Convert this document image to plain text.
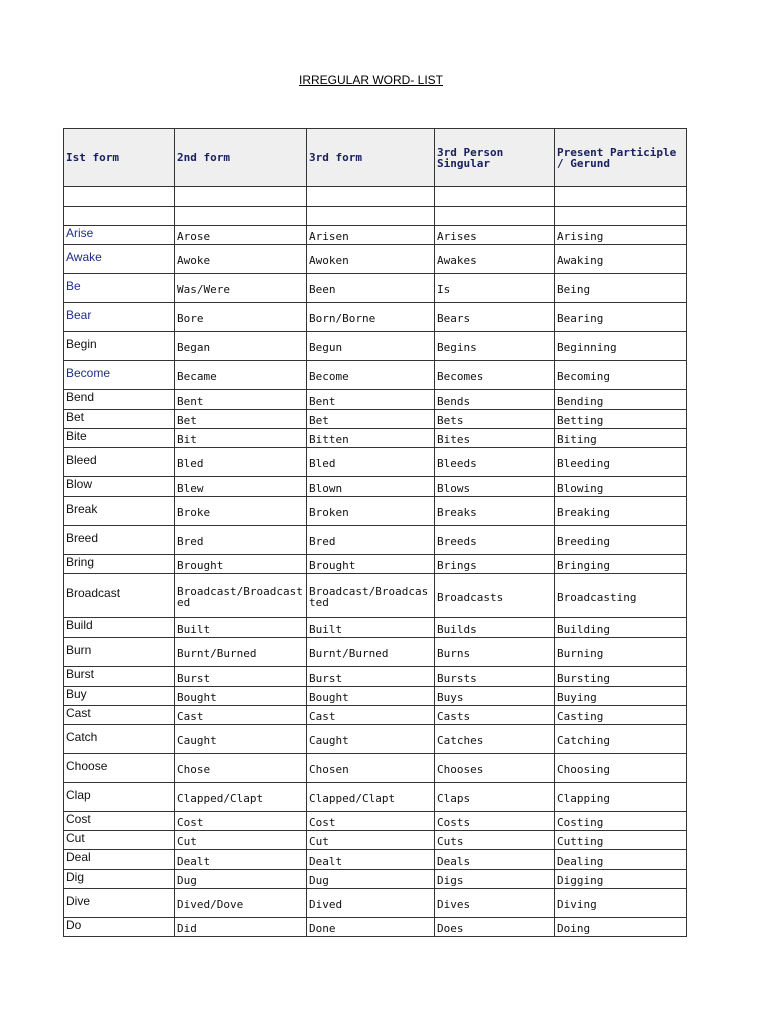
IRREGULAR WORD- LIST
Ist form	2nd form	3rd form	3rd Person Singular	Present Participle / Gerund

Arise	Arose	Arisen	Arises	Arising
Awake	Awoke	Awoken	Awakes	Awaking
Be	Was/Were	Been	Is	Being
Bear	Bore	Born/Borne	Bears	Bearing
Begin	Began	Begun	Begins	Beginning
Become	Became	Become	Becomes	Becoming
Bend	Bent	Bent	Bends	Bending
Bet	Bet	Bet	Bets	Betting
Bite	Bit	Bitten	Bites	Biting
Bleed	Bled	Bled	Bleeds	Bleeding
Blow	Blew	Blown	Blows	Blowing
Break	Broke	Broken	Breaks	Breaking
Breed	Bred	Bred	Breeds	Breeding
Bring	Brought	Brought	Brings	Bringing
Broadcast	Broadcast/Broadcasted	Broadcast/Broadcasted	Broadcasts	Broadcasting
Build	Built	Built	Builds	Building
Burn	Burnt/Burned	Burnt/Burned	Burns	Burning
Burst	Burst	Burst	Bursts	Bursting
Buy	Bought	Bought	Buys	Buying
Cast	Cast	Cast	Casts	Casting
Catch	Caught	Caught	Catches	Catching
Choose	Chose	Chosen	Chooses	Choosing
Clap	Clapped/Clapt	Clapped/Clapt	Claps	Clapping
Cost	Cost	Cost	Costs	Costing
Cut	Cut	Cut	Cuts	Cutting
Deal	Dealt	Dealt	Deals	Dealing
Dig	Dug	Dug	Digs	Digging
Dive	Dived/Dove	Dived	Dives	Diving
Do	Did	Done	Does	Doing
